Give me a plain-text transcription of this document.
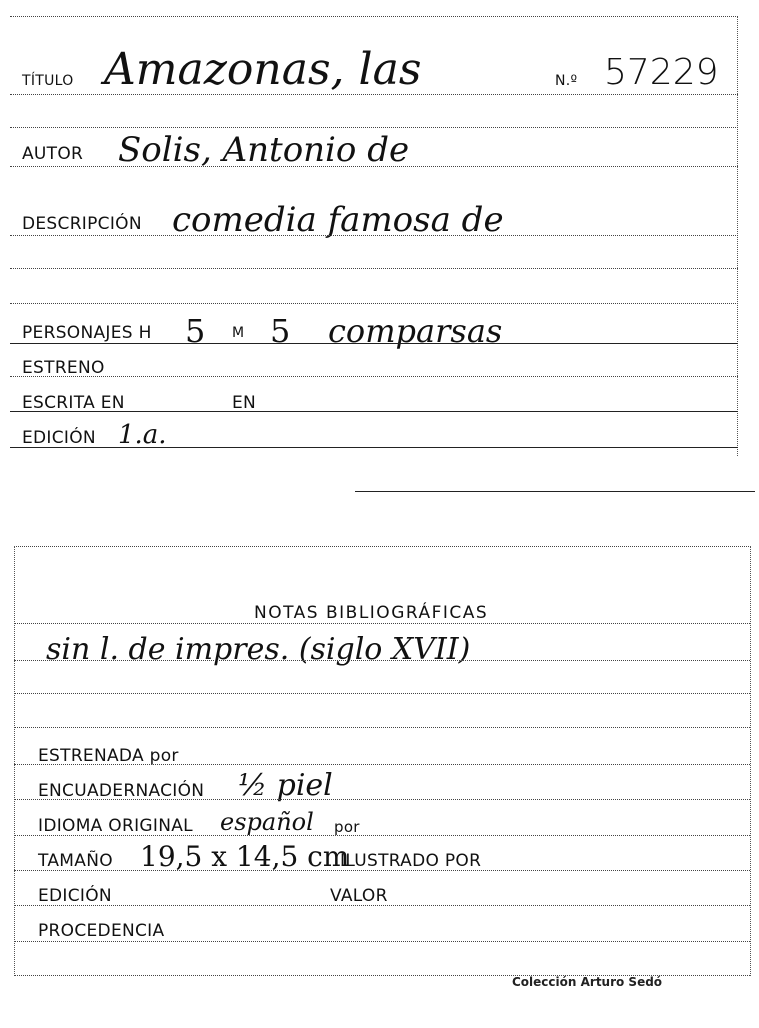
TÍTULO Amazonas, las	N.º 57229
AUTOR Solis, Antonio de
DESCRIPCIÓN comedia famosa de
PERSONAJES H 5 M 5 comparsas
ESTRENO
ESCRITA EN	EN
EDICIÓN 1.a.
NOTAS BIBLIOGRÁFICAS
sin l. de impres. (siglo XVII)
ESTRENADA por
ENCUADERNACIÓN ½ piel
IDIOMA ORIGINAL español por
TAMAÑO 19,5 x 14,5 cm
ILUSTRADO POR
EDICIÓN	VALOR
PROCEDENCIA
Colección Arturo Sedó
